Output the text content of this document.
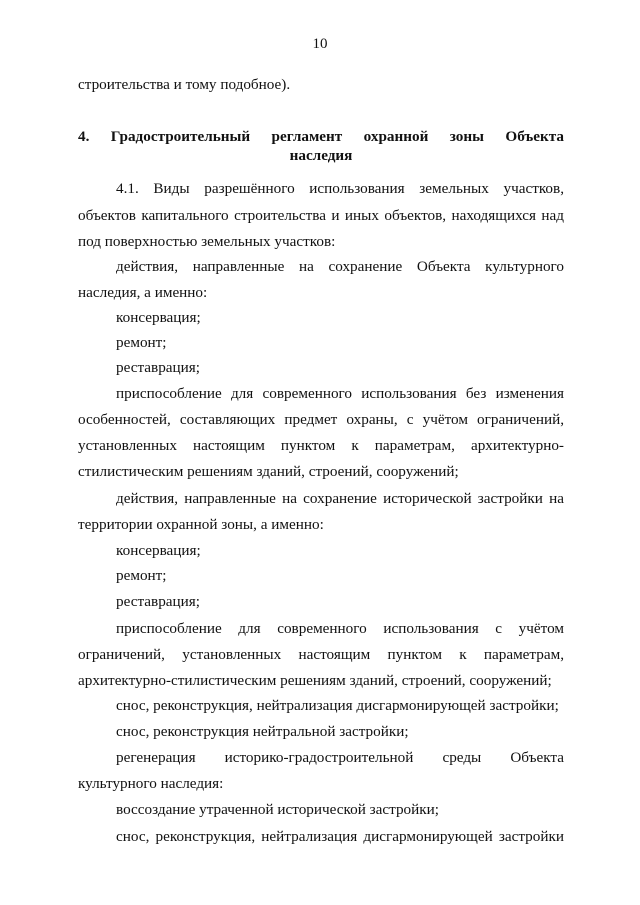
10
строительства и тому подобное).
4. Градостроительный регламент охранной зоны Объекта
наследия
4.1. Виды разрешённого использования земельных участков,
объектов капитального строительства и иных объектов, находящихся над
под поверхностью земельных участков:
действия, направленные на сохранение Объекта культурного
наследия, а именно:
консервация;
ремонт;
реставрация;
приспособление для современного использования без изменения
особенностей, составляющих предмет охраны, с учётом ограничений,
установленных настоящим пунктом к параметрам, архитектурно-
стилистическим решениям зданий, строений, сооружений;
действия, направленные на сохранение исторической застройки на
территории охранной зоны, а именно:
консервация;
ремонт;
реставрация;
приспособление для современного использования с учётом
ограничений, установленных настоящим пунктом к параметрам,
архитектурно-стилистическим решениям зданий, строений, сооружений;
снос, реконструкция, нейтрализация дисгармонирующей застройки;
снос, реконструкция нейтральной застройки;
регенерация историко-градостроительной среды Объекта
культурного наследия:
воссоздание утраченной исторической застройки;
снос, реконструкция, нейтрализация дисгармонирующей застройки
